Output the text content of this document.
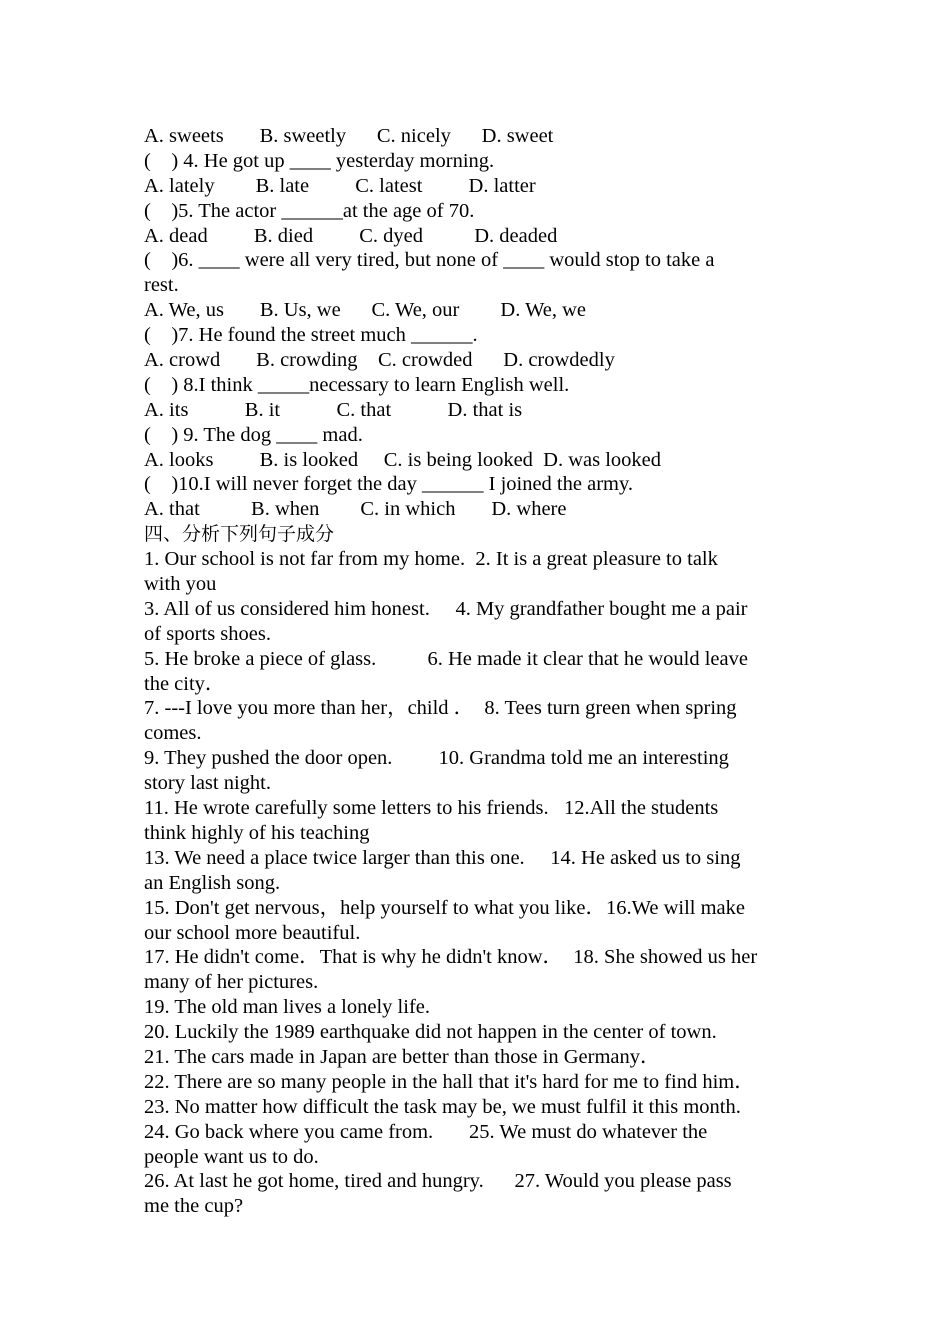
A. sweets       B. sweetly      C. nicely      D. sweet
(    ) 4. He got up ____ yesterday morning.
A. lately        B. late         C. latest         D. latter
(    )5. The actor ______at the age of 70.
A. dead         B. died         C. dyed          D. deaded
(    )6. ____ were all very tired, but none of ____ would stop to take a
rest.
A. We, us       B. Us, we      C. We, our        D. We, we
(    )7. He found the street much ______.
A. crowd       B. crowding    C. crowded      D. crowdedly
(    ) 8.I think _____necessary to learn English well.
A. its           B. it           C. that           D. that is
(    ) 9. The dog ____ mad.
A. looks         B. is looked     C. is being looked  D. was looked
(    )10.I will never forget the day ______ I joined the army.
A. that          B. when        C. in which       D. where
四、分析下列句子成分
1. Our school is not far from my home.  2. It is a great pleasure to talk
with you
3. All of us considered him honest.     4. My grandfather bought me a pair
of sports shoes.
5. He broke a piece of glass.          6. He made it clear that he would leave
the city．
7. ---I love you more than her，child ．  8. Tees turn green when spring
comes.
9. They pushed the door open.         10. Grandma told me an interesting
story last night.
11. He wrote carefully some letters to his friends.   12.All the students
think highly of his teaching
13. We need a place twice larger than this one.     14. He asked us to sing
an English song.
15. Don't get nervous，help yourself to what you like．16.We will make
our school more beautiful.
17. He didn't come．That is why he didn't know．  18. She showed us her
many of her pictures.
19. The old man lives a lonely life.
20. Luckily the 1989 earthquake did not happen in the center of town.
21. The cars made in Japan are better than those in Germany．
22. There are so many people in the hall that it's hard for me to find him．
23. No matter how difficult the task may be, we must fulfil it this month.
24. Go back where you came from.       25. We must do whatever the
people want us to do.
26. At last he got home, tired and hungry.      27. Would you please pass
me the cup?
